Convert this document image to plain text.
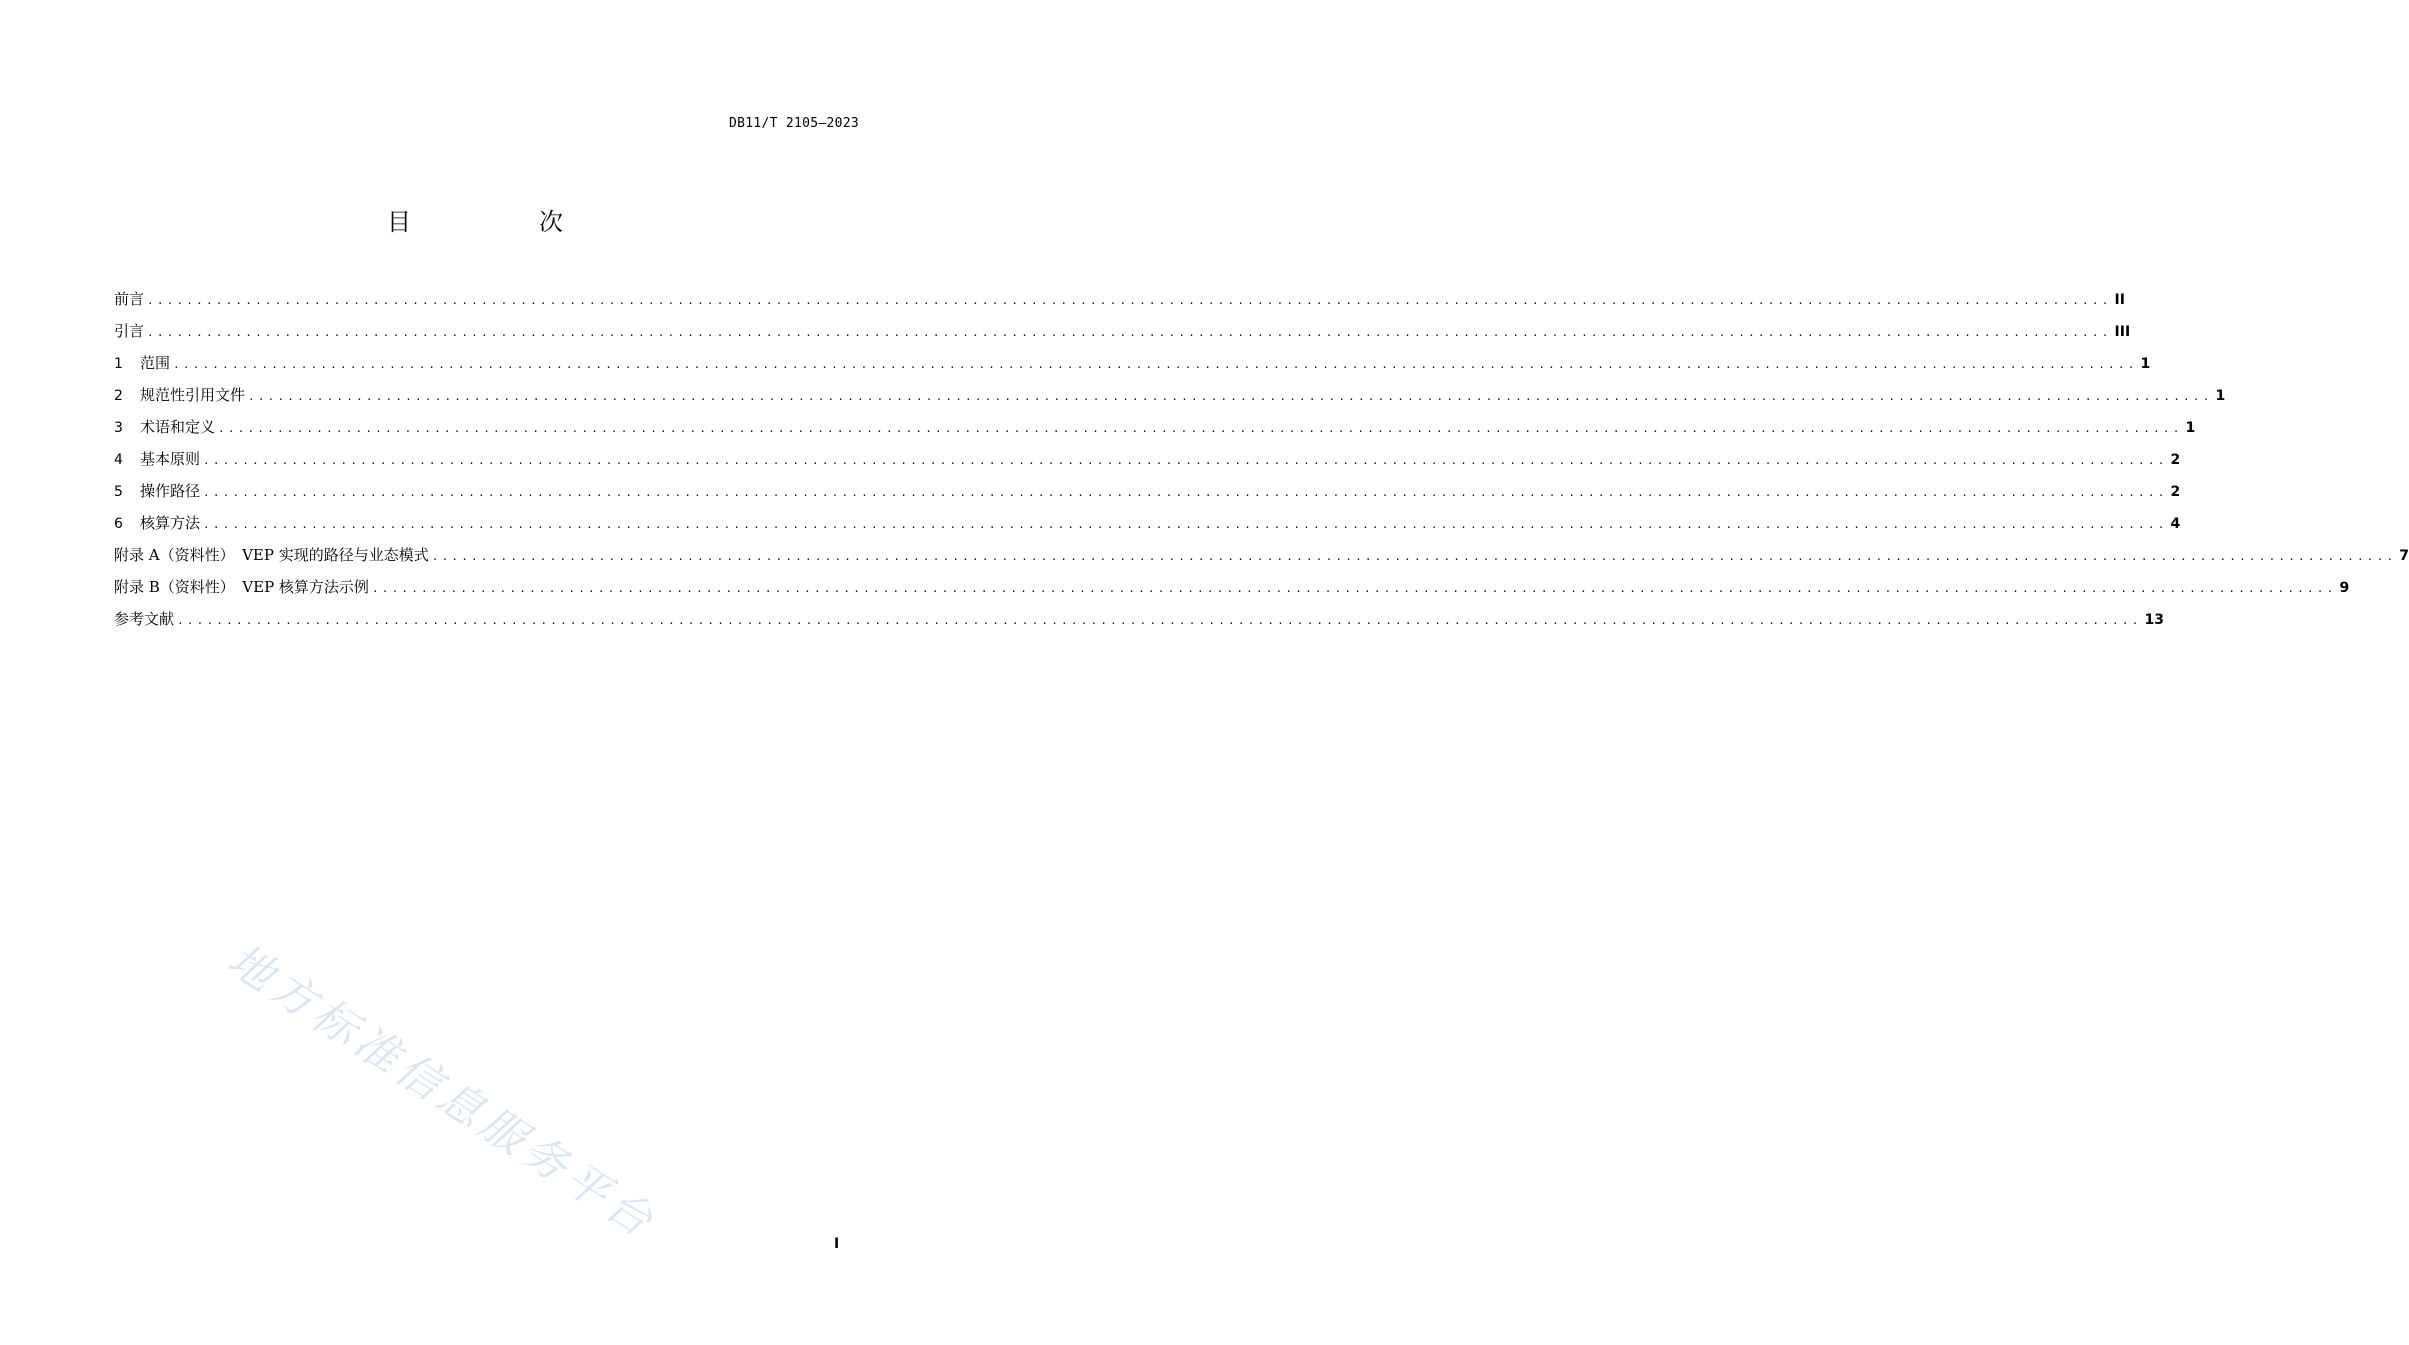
DB11/T 2105—2023
目　次
前言 ........................................................................................................................................................................................................ II
引言 ........................................................................................................................................................................................................ III
1	范围 ........................................................................................................................................................................................................ 1
2	规范性引用文件 ........................................................................................................................................................................................................ 1
3	术语和定义 ........................................................................................................................................................................................................ 1
4	基本原则 ........................................................................................................................................................................................................ 2
5	操作路径 ........................................................................................................................................................................................................ 2
6	核算方法 ........................................................................................................................................................................................................ 4
附录 A（资料性）　VEP 实现的路径与业态模式 ........................................................................................................................................................................................................ 7
附录 B（资料性）　VEP 核算方法示例 ........................................................................................................................................................................................................ 9
参考文献 ........................................................................................................................................................................................................ 13
地方标准信息服务平台	I
